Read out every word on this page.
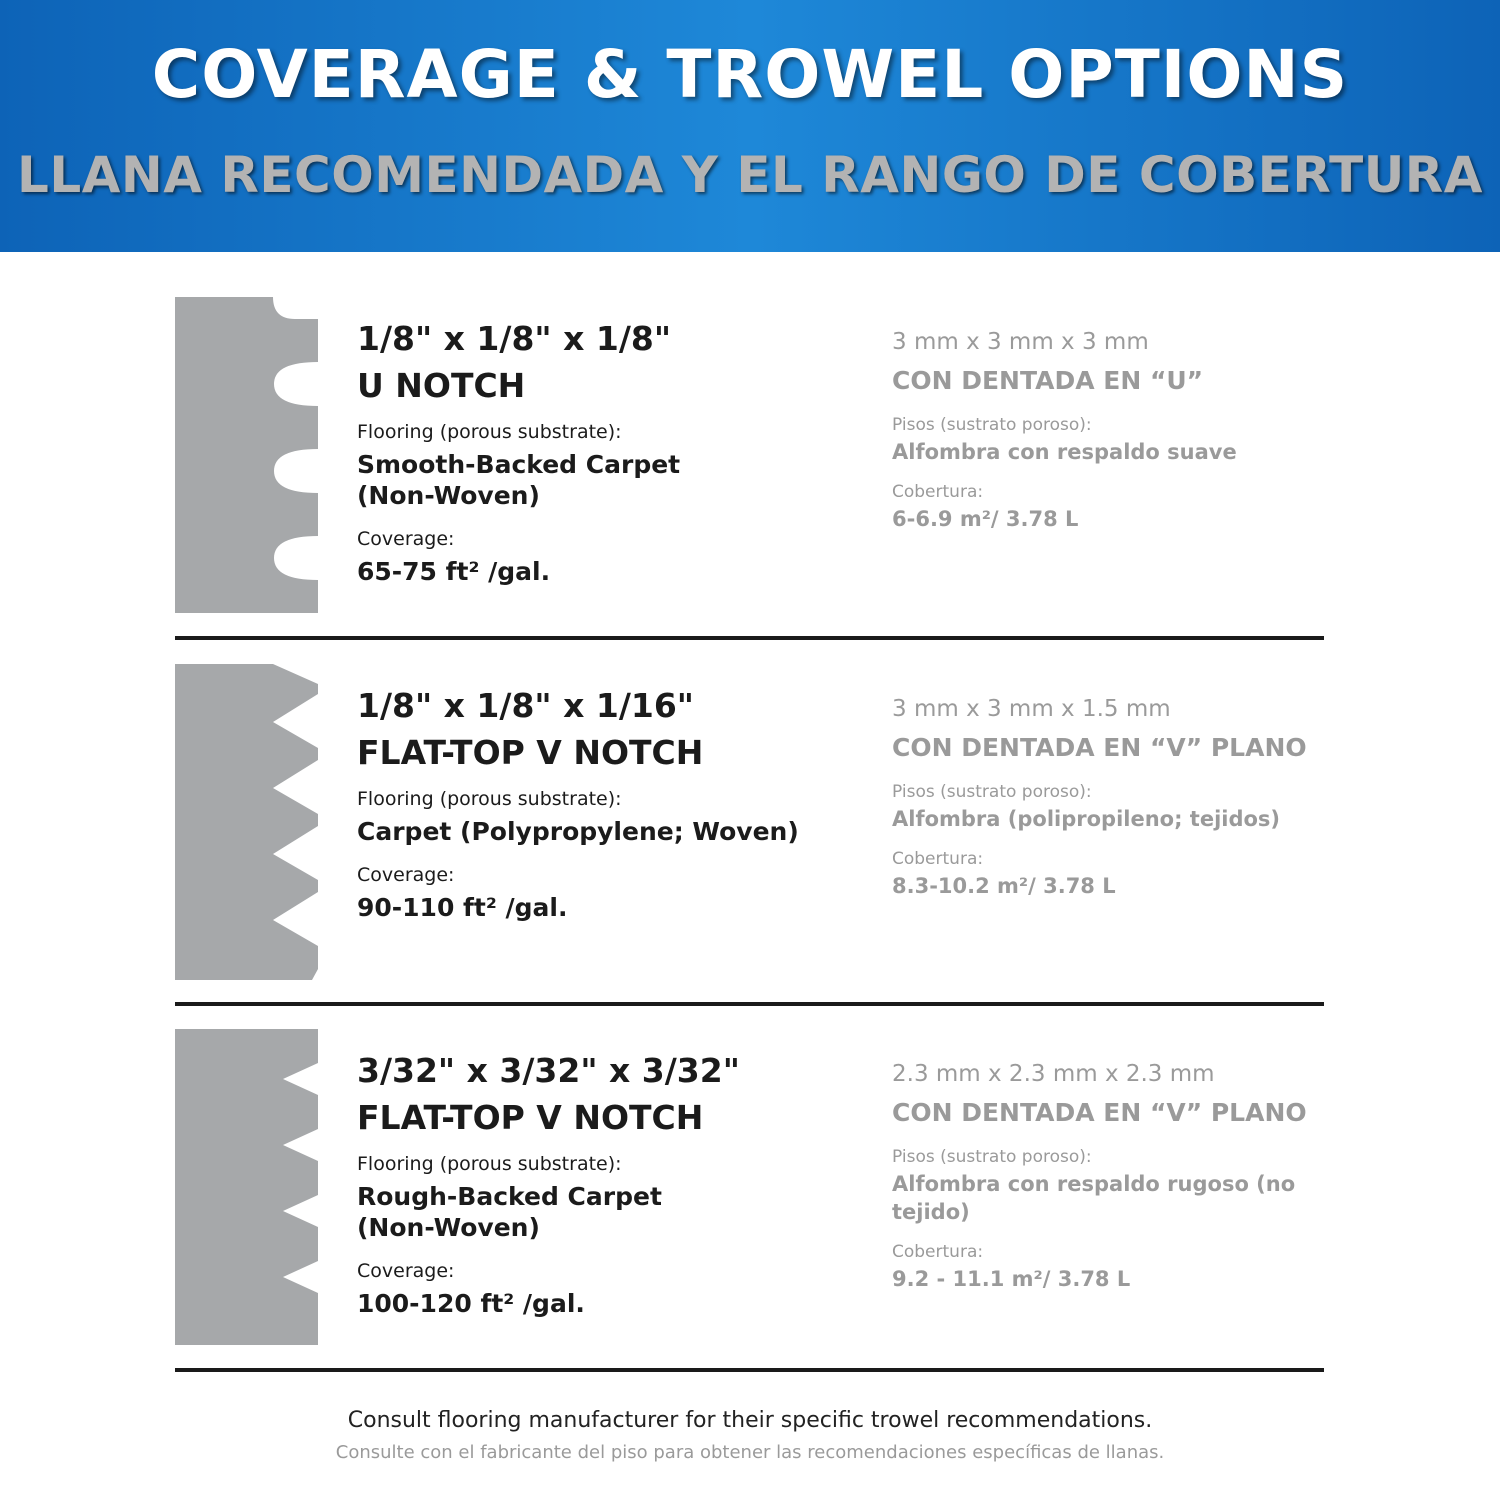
COVERAGE & TROWEL OPTIONS
LLANA RECOMENDADA Y EL RANGO DE COBERTURA
1/8" x 1/8" x 1/8"
U NOTCH
Flooring (porous substrate):
Smooth-Backed Carpet
(Non-Woven)
Coverage:
65-75 ft² /gal.
3 mm x 3 mm x 3 mm
CON DENTADA EN “U”
Pisos (sustrato poroso):
Alfombra con respaldo suave
Cobertura:
6-6.9 m²/ 3.78 L
1/8" x 1/8" x 1/16"
FLAT-TOP V NOTCH
Flooring (porous substrate):
Carpet (Polypropylene; Woven)
Coverage:
90-110 ft² /gal.
3 mm x 3 mm x 1.5 mm
CON DENTADA EN “V” PLANO
Pisos (sustrato poroso):
Alfombra (polipropileno; tejidos)
Cobertura:
8.3-10.2 m²/ 3.78 L
3/32" x 3/32" x 3/32"
FLAT-TOP V NOTCH
Flooring (porous substrate):
Rough-Backed Carpet
(Non-Woven)
Coverage:
100-120 ft² /gal.
2.3 mm x 2.3 mm x 2.3 mm
CON DENTADA EN “V” PLANO
Pisos (sustrato poroso):
Alfombra con respaldo rugoso (no tejido)
Cobertura:
9.2 - 11.1 m²/ 3.78 L
Consult flooring manufacturer for their specific trowel recommendations.
Consulte con el fabricante del piso para obtener las recomendaciones específicas de llanas.
